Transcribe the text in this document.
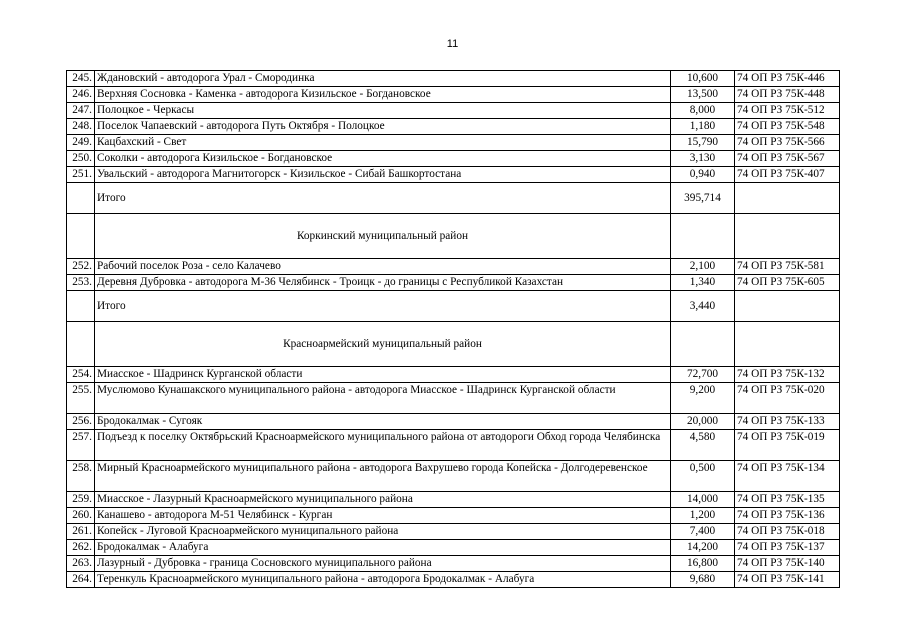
11
245.	Ждановский - автодорога Урал - Смородинка	10,600	74 ОП РЗ 75К-446
246.	Верхняя Сосновка - Каменка - автодорога Кизильское - Богдановское	13,500	74 ОП РЗ 75К-448
247.	Полоцкое - Черкасы	8,000	74 ОП РЗ 75К-512
248.	Поселок Чапаевский - автодорога Путь Октября - Полоцкое	1,180	74 ОП РЗ 75К-548
249.	Кацбахский - Свет	15,790	74 ОП РЗ 75К-566
250.	Соколки - автодорога Кизильское - Богдановское	3,130	74 ОП РЗ 75К-567
251.	Увальский - автодорога Магнитогорск - Кизильское - Сибай Башкортостана	0,940	74 ОП РЗ 75К-407
	Итого	395,714	
	Коркинский муниципальный район		
252.	Рабочий поселок Роза - село Калачево	2,100	74 ОП РЗ 75К-581
253.	Деревня Дубровка - автодорога М-36 Челябинск - Троицк - до границы с Республикой Казахстан	1,340	74 ОП РЗ 75К-605
	Итого	3,440	
	Красноармейский муниципальный район		
254.	Миасское - Шадринск Курганской области	72,700	74 ОП РЗ 75К-132
255.	Муслюмово Кунашакского муниципального района - автодорога Миасское - Шадринск Курганской области	9,200	74 ОП РЗ 75К-020
256.	Бродокалмак - Сугояк	20,000	74 ОП РЗ 75К-133
257.	Подъезд к поселку Октябрьский Красноармейского муниципального района от автодороги Обход города Челябинска	4,580	74 ОП РЗ 75К-019
258.	Мирный Красноармейского муниципального района - автодорога Вахрушево города Копейска - Долгодеревенское	0,500	74 ОП РЗ 75К-134
259.	Миасское - Лазурный Красноармейского муниципального района	14,000	74 ОП РЗ 75К-135
260.	Канашево - автодорога М-51 Челябинск - Курган	1,200	74 ОП РЗ 75К-136
261.	Копейск - Луговой Красноармейского муниципального района	7,400	74 ОП РЗ 75К-018
262.	Бродокалмак - Алабуга	14,200	74 ОП РЗ 75К-137
263.	Лазурный - Дубровка - граница Сосновского муниципального района	16,800	74 ОП РЗ 75К-140
264.	Теренкуль Красноармейского муниципального района - автодорога Бродокалмак - Алабуга	9,680	74 ОП РЗ 75К-141
